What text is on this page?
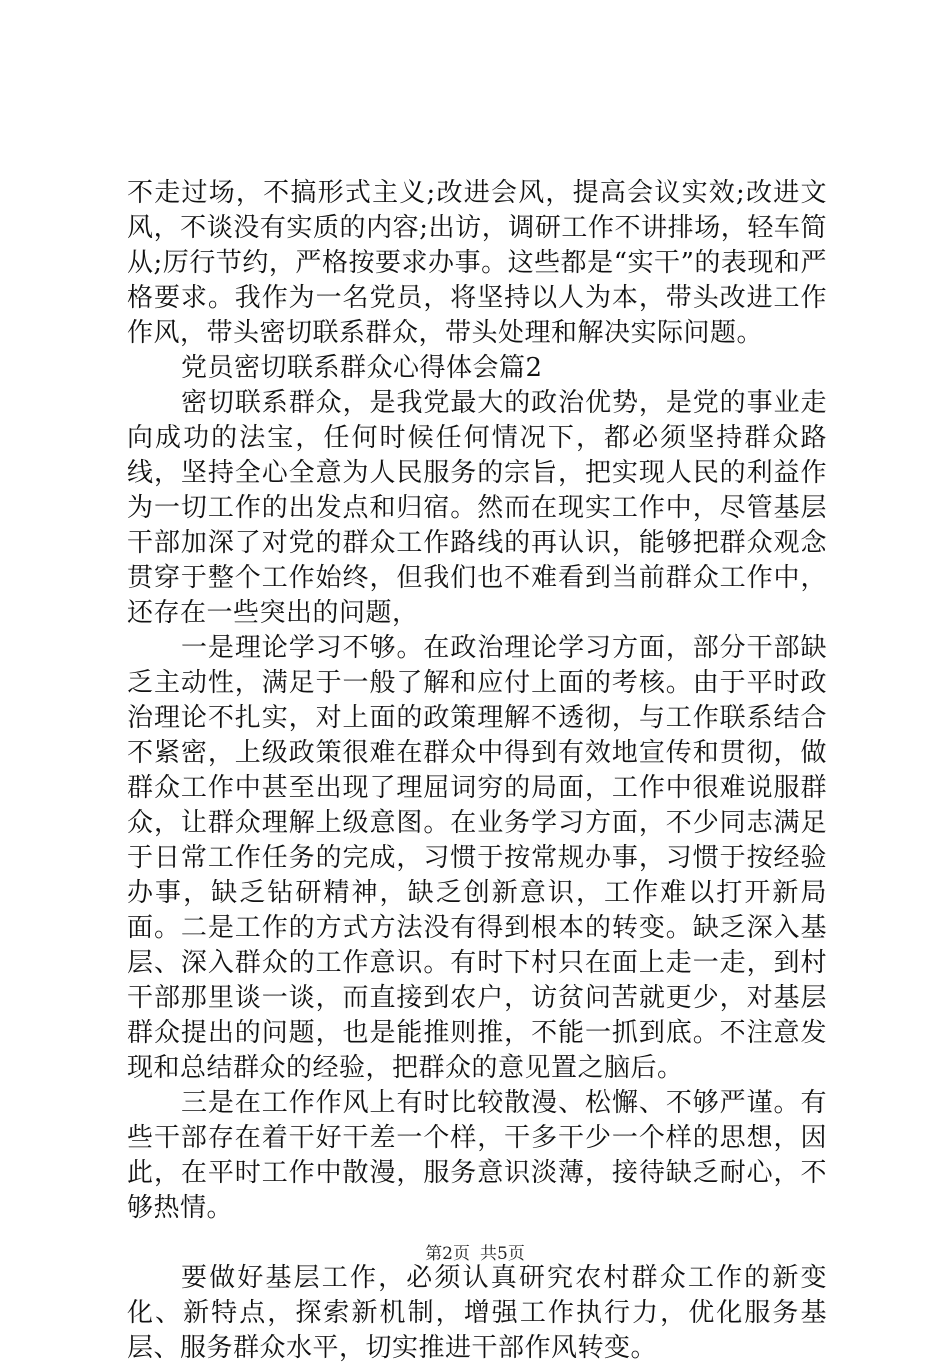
不走过场，不搞形式主义;改进会风，提高会议实效;改进文风，不谈没有实质的内容;出访，调研工作不讲排场，轻车简从;厉行节约，严格按要求办事。这些都是“实干”的表现和严格要求。我作为一名党员，将坚持以人为本，带头改进工作作风，带头密切联系群众，带头处理和解决实际问题。

党员密切联系群众心得体会篇2

密切联系群众，是我党最大的政治优势，是党的事业走向成功的法宝，任何时候任何情况下，都必须坚持群众路线，坚持全心全意为人民服务的宗旨，把实现人民的利益作为一切工作的出发点和归宿。然而在现实工作中，尽管基层干部加深了对党的群众工作路线的再认识，能够把群众观念贯穿于整个工作始终，但我们也不难看到当前群众工作中，还存在一些突出的问题，

一是理论学习不够。在政治理论学习方面，部分干部缺乏主动性，满足于一般了解和应付上面的考核。由于平时政治理论不扎实，对上面的政策理解不透彻，与工作联系结合不紧密，上级政策很难在群众中得到有效地宣传和贯彻，做群众工作中甚至出现了理屈词穷的局面，工作中很难说服群众，让群众理解上级意图。在业务学习方面，不少同志满足于日常工作任务的完成，习惯于按常规办事，习惯于按经验办事，缺乏钻研精神，缺乏创新意识，工作难以打开新局面。二是工作的方式方法没有得到根本的转变。缺乏深入基层、深入群众的工作意识。有时下村只在面上走一走，到村干部那里谈一谈，而直接到农户，访贫问苦就更少，对基层群众提出的问题，也是能推则推，不能一抓到底。不注意发现和总结群众的经验，把群众的意见置之脑后。

三是在工作作风上有时比较散漫、松懈、不够严谨。有些干部存在着干好干差一个样，干多干少一个样的思想，因此，在平时工作中散漫，服务意识淡薄，接待缺乏耐心，不够热情。

要做好基层工作，必须认真研究农村群众工作的新变化、新特点，探索新机制，增强工作执行力，优化服务基层、服务群众水平，切实推进干部作风转变。

第2页 共5页
